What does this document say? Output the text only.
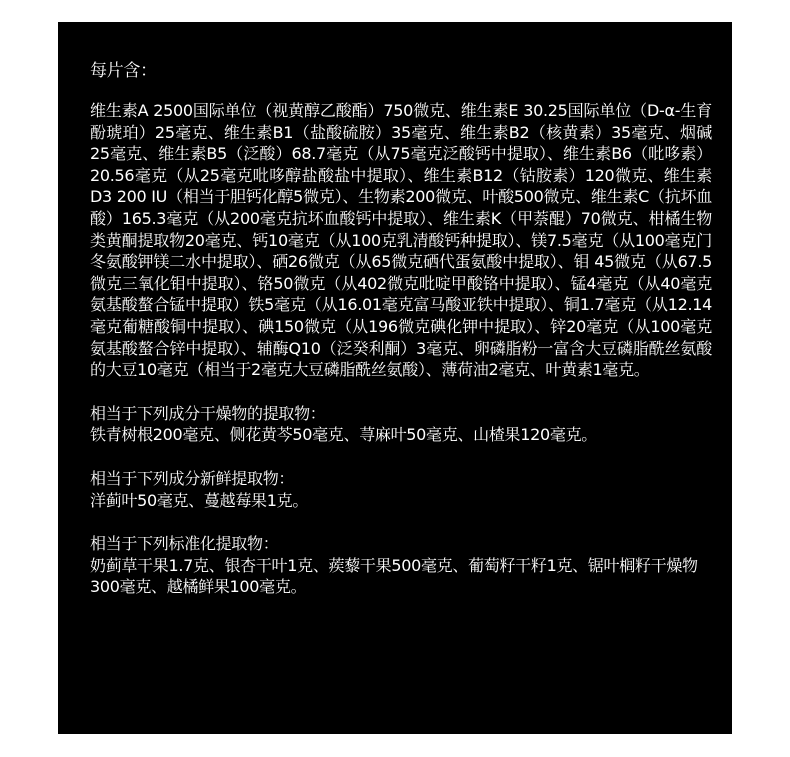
每片含：

维生素A 2500国际单位（视黄醇乙酸酯）750微克、维生素E 30.25国际单位（D-α-生育酚琥珀）25毫克、维生素B1（盐酸硫胺）35毫克、维生素B2（核黄素）35毫克、烟碱25毫克、维生素B5（泛酸）68.7毫克（从75毫克泛酸钙中提取）、维生素B6（吡哆素）20.56毫克（从25毫克吡哆醇盐酸盐中提取）、维生素B12（钴胺素）120微克、维生素D3 200 IU（相当于胆钙化醇5微克）、生物素200微克、叶酸500微克、维生素C（抗坏血酸）165.3毫克（从200毫克抗坏血酸钙中提取）、维生素K（甲萘醌）70微克、柑橘生物类黄酮提取物20毫克、钙10毫克（从100克乳清酸钙种提取）、镁7.5毫克（从100毫克门冬氨酸钾镁二水中提取）、硒26微克（从65微克硒代蛋氨酸中提取）、钼 45微克（从67.5微克三氧化钼中提取）、铬50微克（从402微克吡啶甲酸铬中提取）、锰4毫克（从40毫克氨基酸螯合锰中提取）铁5毫克（从16.01毫克富马酸亚铁中提取）、铜1.7毫克（从12.14毫克葡糖酸铜中提取）、碘150微克（从196微克碘化钾中提取）、锌20毫克（从100毫克氨基酸螯合锌中提取）、辅酶Q10（泛癸利酮）3毫克、卵磷脂粉一富含大豆磷脂酰丝氨酸的大豆10毫克（相当于2毫克大豆磷脂酰丝氨酸）、薄荷油2毫克、叶黄素1毫克。

相当于下列成分干燥物的提取物：

铁青树根200毫克、侧花黄芩50毫克、荨麻叶50毫克、山楂果120毫克。

相当于下列成分新鲜提取物：

洋蓟叶50毫克、蔓越莓果1克。

相当于下列标准化提取物：

奶蓟草干果1.7克、银杏干叶1克、蒺藜干果500毫克、葡萄籽干籽1克、锯叶榈籽干燥物300毫克、越橘鲜果100毫克。
